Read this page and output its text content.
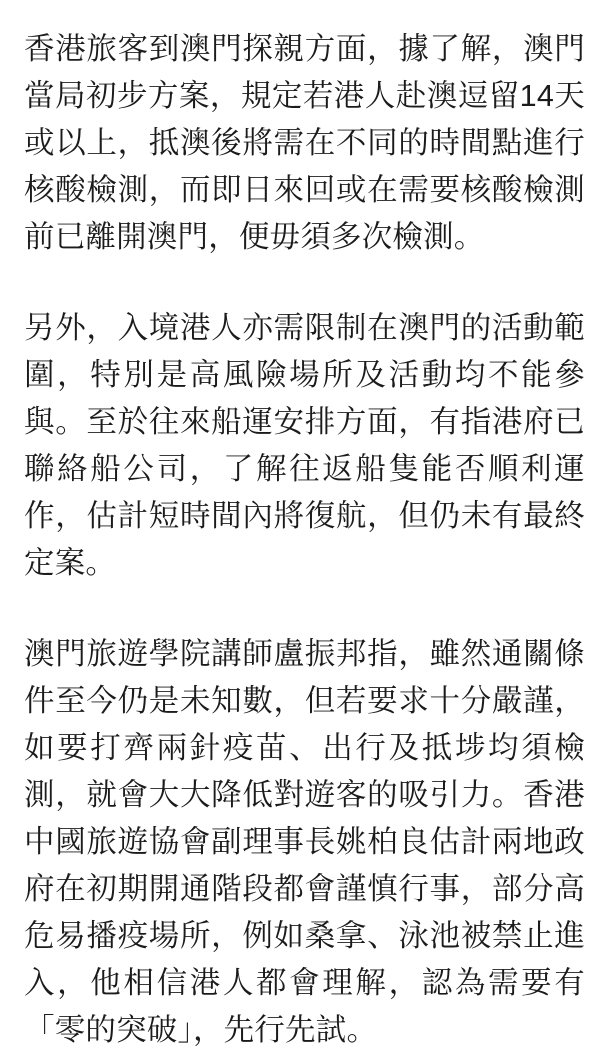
香港旅客到澳門探親方面，據了解，澳門當局初步方案，規定若港人赴澳逗留14天或以上，抵澳後將需在不同的時間點進行核酸檢測，而即日來回或在需要核酸檢測前已離開澳門，便毋須多次檢測。

另外，入境港人亦需限制在澳門的活動範圍，特別是高風險場所及活動均不能參與。至於往來船運安排方面，有指港府已聯絡船公司，了解往返船隻能否順利運作，估計短時間內將復航，但仍未有最終定案。

澳門旅遊學院講師盧振邦指，雖然通關條件至今仍是未知數，但若要求十分嚴謹，如要打齊兩針疫苗、出行及抵埗均須檢測，就會大大降低對遊客的吸引力。香港中國旅遊協會副理事長姚柏良估計兩地政府在初期開通階段都會謹慎行事，部分高危易播疫場所，例如桑拿、泳池被禁止進入，他相信港人都會理解，認為需要有「零的突破」，先行先試。
